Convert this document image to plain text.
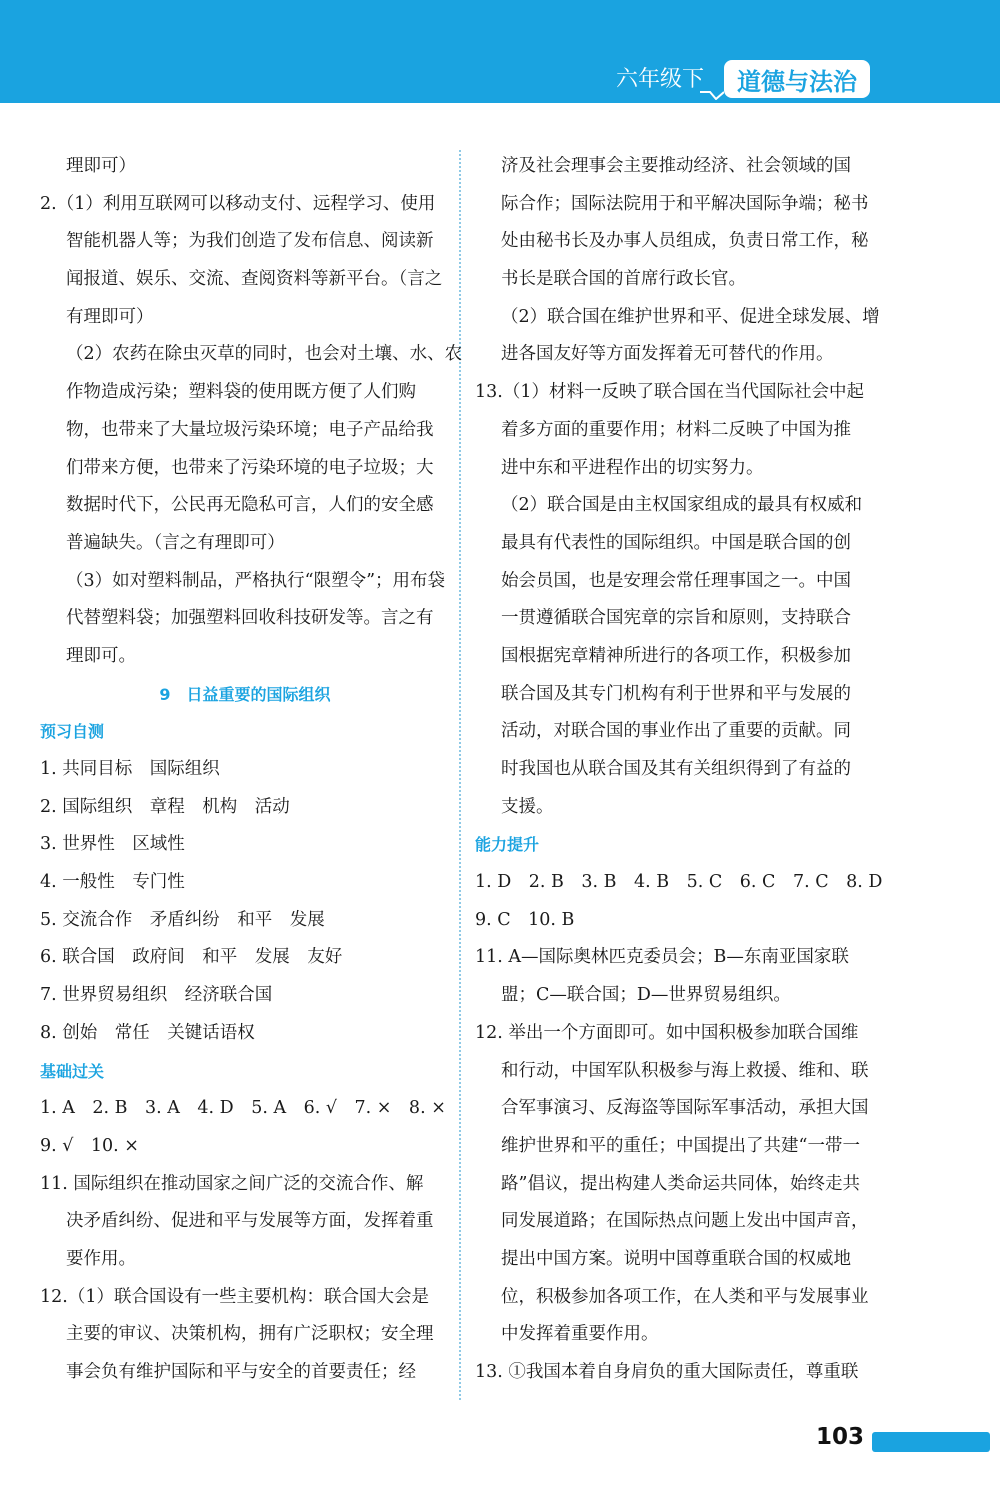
六年级下	道德与法治
理即可）
2.（1）利用互联网可以移动支付、远程学习、使用
智能机器人等；为我们创造了发布信息、阅读新
闻报道、娱乐、交流、查阅资料等新平台。（言之
有理即可）
（2）农药在除虫灭草的同时，也会对土壤、水、农
作物造成污染；塑料袋的使用既方便了人们购
物，也带来了大量垃圾污染环境；电子产品给我
们带来方便，也带来了污染环境的电子垃圾；大
数据时代下，公民再无隐私可言，人们的安全感
普遍缺失。（言之有理即可）
（3）如对塑料制品，严格执行“限塑令”；用布袋
代替塑料袋；加强塑料回收科技研发等。言之有
理即可。
9　日益重要的国际组织
预习自测
1. 共同目标　国际组织
2. 国际组织　章程　机构　活动
3. 世界性　区域性
4. 一般性　专门性
5. 交流合作　矛盾纠纷　和平　发展
6. 联合国　政府间　和平　发展　友好
7. 世界贸易组织　经济联合国
8. 创始　常任　关键话语权
基础过关
1. A　2. B　3. A　4. D　5. A　6. √　7. ×　8. ×
9. √　10. ×
11. 国际组织在推动国家之间广泛的交流合作、解
决矛盾纠纷、促进和平与发展等方面，发挥着重
要作用。
12.（1）联合国设有一些主要机构：联合国大会是
主要的审议、决策机构，拥有广泛职权；安全理
事会负有维护国际和平与安全的首要责任；经
济及社会理事会主要推动经济、社会领域的国
际合作；国际法院用于和平解决国际争端；秘书
处由秘书长及办事人员组成，负责日常工作，秘
书长是联合国的首席行政长官。
（2）联合国在维护世界和平、促进全球发展、增
进各国友好等方面发挥着无可替代的作用。
13.（1）材料一反映了联合国在当代国际社会中起
着多方面的重要作用；材料二反映了中国为推
进中东和平进程作出的切实努力。
（2）联合国是由主权国家组成的最具有权威和
最具有代表性的国际组织。中国是联合国的创
始会员国，也是安理会常任理事国之一。中国
一贯遵循联合国宪章的宗旨和原则，支持联合
国根据宪章精神所进行的各项工作，积极参加
联合国及其专门机构有利于世界和平与发展的
活动，对联合国的事业作出了重要的贡献。同
时我国也从联合国及其有关组织得到了有益的
支援。
能力提升
1. D　2. B　3. B　4. B　5. C　6. C　7. C　8. D
9. C　10. B
11. A—国际奥林匹克委员会；B—东南亚国家联
盟；C—联合国；D—世界贸易组织。
12. 举出一个方面即可。如中国积极参加联合国维
和行动，中国军队积极参与海上救援、维和、联
合军事演习、反海盗等国际军事活动，承担大国
维护世界和平的重任；中国提出了共建“一带一
路”倡议，提出构建人类命运共同体，始终走共
同发展道路；在国际热点问题上发出中国声音，
提出中国方案。说明中国尊重联合国的权威地
位，积极参加各项工作，在人类和平与发展事业
中发挥着重要作用。
13. ①我国本着自身肩负的重大国际责任，尊重联
103
